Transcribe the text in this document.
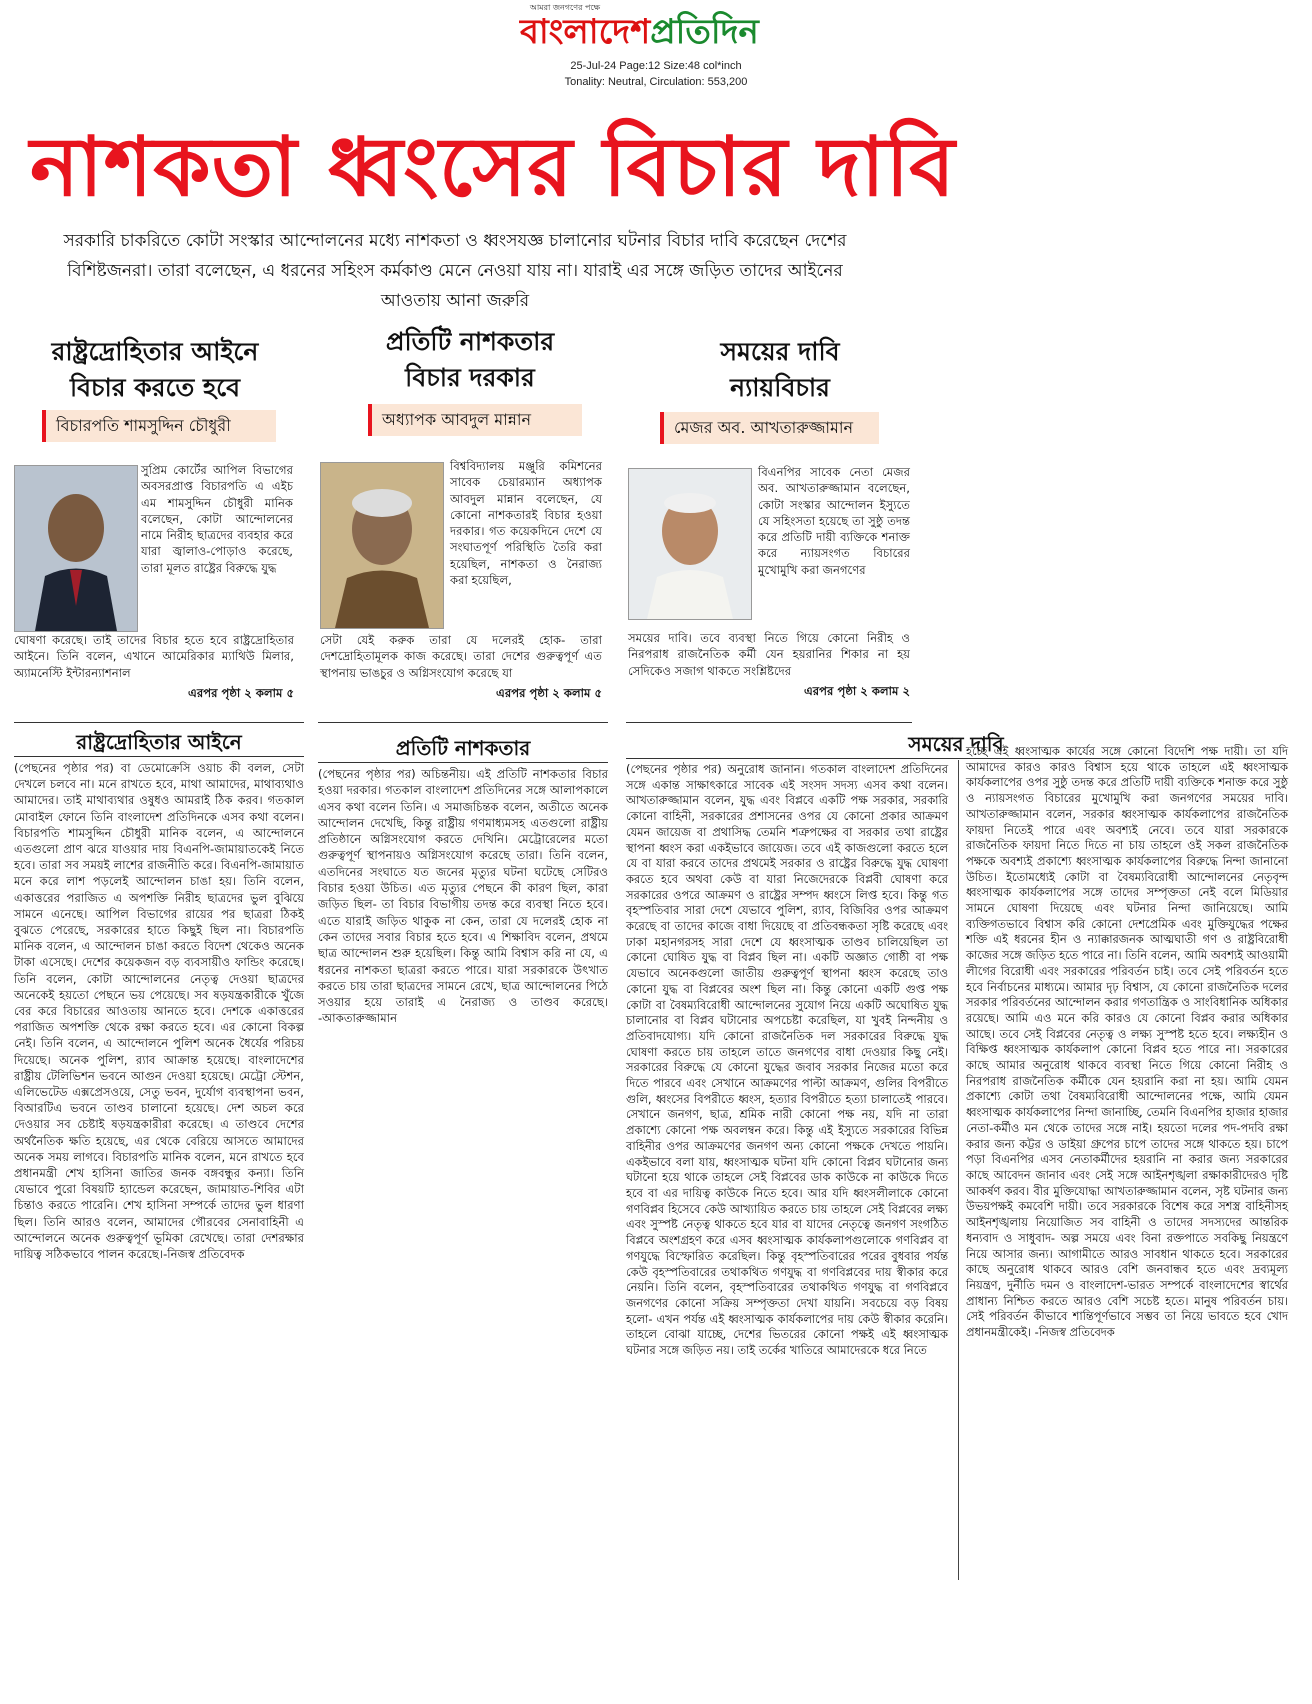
আমরা জনগণের পক্ষে
বাংলাদেশপ্রতিদিন
25-Jul-24 Page:12 Size:48 col*inch
Tonality: Neutral, Circulation: 553,200
নাশকতা ধ্বংসের বিচার দাবি
সরকারি চাকরিতে কোটা সংস্কার আন্দোলনের মধ্যে নাশকতা ও ধ্বংসযজ্ঞ চালানোর ঘটনার বিচার দাবি করেছেন দেশের বিশিষ্টজনরা। তারা বলেছেন, এ ধরনের সহিংস কর্মকাণ্ড মেনে নেওয়া যায় না। যারাই এর সঙ্গে জড়িত তাদের আইনের আওতায় আনা জরুরি
রাষ্ট্রদ্রোহিতার আইনে
বিচার করতে হবে
বিচারপতি শামসুদ্দিন চৌধুরী
সুপ্রিম কোর্টের আপিল বিভাগের অবসরপ্রাপ্ত বিচারপতি এ এইচ এম শামসুদ্দিন চৌধুরী মানিক বলেছেন, কোটা আন্দোলনের নামে নিরীহ ছাত্রদের ব্যবহার করে যারা জ্বালাও-পোড়াও করেছে, তারা মূলত রাষ্ট্রের বিরুদ্ধে যুদ্ধ
ঘোষণা করেছে। তাই তাদের বিচার হতে হবে রাষ্ট্রদ্রোহিতার আইনে। তিনি বলেন, এখানে আমেরিকার ম্যাথিউ মিলার, অ্যামনেস্টি ইন্টারন্যাশনাল
এরপর পৃষ্ঠা ২ কলাম ৫
প্রতিটি নাশকতার
বিচার দরকার
অধ্যাপক আবদুল মান্নান
বিশ্ববিদ্যালয় মঞ্জুরি কমিশনের সাবেক চেয়ারম্যান অধ্যাপক আবদুল মান্নান বলেছেন, যে কোনো নাশকতারই বিচার হওয়া দরকার। গত কয়েকদিনে দেশে যে সংঘাতপূর্ণ পরিস্থিতি তৈরি করা হয়েছিল, নাশকতা ও নৈরাজ্য করা হয়েছিল,
সেটা যেই করুক তারা যে দলেরই হোক- তারা দেশদ্রোহিতামূলক কাজ করেছে। তারা দেশের গুরুত্বপূর্ণ এত স্থাপনায় ভাঙচুর ও অগ্নিসংযোগ করেছে যা
এরপর পৃষ্ঠা ২ কলাম ৫
সময়ের দাবি
ন্যায়বিচার
মেজর অব. আখতারুজ্জামান
বিএনপির সাবেক নেতা মেজর অব. আখতারুজ্জামান বলেছেন, কোটা সংস্কার আন্দোলন ইস্যুতে যে সহিংসতা হয়েছে তা সুষ্ঠু তদন্ত করে প্রতিটি দায়ী ব্যক্তিকে শনাক্ত করে ন্যায়সংগত বিচারের মুখোমুখি করা জনগণের
সময়ের দাবি। তবে ব্যবস্থা নিতে গিয়ে কোনো নিরীহ ও নিরপরাধ রাজনৈতিক কর্মী যেন হয়রানির শিকার না হয় সেদিকেও সজাগ থাকতে সংশ্লিষ্টদের
এরপর পৃষ্ঠা ২ কলাম ২
রাষ্ট্রদ্রোহিতার আইনে
(পেছনের পৃষ্ঠার পর) বা ডেমোক্রেসি ওয়াচ কী বলল, সেটা দেখলে চলবে না। মনে রাখতে হবে, মাথা আমাদের, মাথাব্যথাও আমাদের। তাই মাথাব্যথার ওষুধও আমরাই ঠিক করব। গতকাল মোবাইল ফোনে তিনি বাংলাদেশ প্রতিদিনকে এসব কথা বলেন। বিচারপতি শামসুদ্দিন চৌধুরী মানিক বলেন, এ আন্দোলনে এতগুলো প্রাণ ঝরে যাওয়ার দায় বিএনপি-জামায়াতকেই নিতে হবে। তারা সব সময়ই লাশের রাজনীতি করে। বিএনপি-জামায়াত মনে করে লাশ পড়লেই আন্দোলন চাঙা হয়। তিনি বলেন, একাত্তরের পরাজিত এ অপশক্তি নিরীহ ছাত্রদের ভুল বুঝিয়ে সামনে এনেছে। আপিল বিভাগের রায়ের পর ছাত্ররা ঠিকই বুঝতে পেরেছে, সরকারের হাতে কিছুই ছিল না। বিচারপতি মানিক বলেন, এ আন্দোলন চাঙা করতে বিদেশ থেকেও অনেক টাকা এসেছে। দেশের কয়েকজন বড় ব্যবসায়ীও ফান্ডিং করেছে। তিনি বলেন, কোটা আন্দোলনের নেতৃত্ব দেওয়া ছাত্রদের অনেকেই হয়তো পেছনে ভয় পেয়েছে। সব ষড়যন্ত্রকারীকে খুঁজে বের করে বিচারের আওতায় আনতে হবে। দেশকে একাত্তরের পরাজিত অপশক্তি থেকে রক্ষা করতে হবে। এর কোনো বিকল্প নেই। তিনি বলেন, এ আন্দোলনে পুলিশ অনেক ধৈর্যের পরিচয় দিয়েছে। অনেক পুলিশ, র‌্যাব আক্রান্ত হয়েছে। বাংলাদেশের রাষ্ট্রীয় টেলিভিশন ভবনে আগুন দেওয়া হয়েছে। মেট্রো স্টেশন, এলিভেটেড এক্সপ্রেসওয়ে, সেতু ভবন, দুর্যোগ ব্যবস্থাপনা ভবন, বিআরটিএ ভবনে তাণ্ডব চালানো হয়েছে। দেশ অচল করে দেওয়ার সব চেষ্টাই ষড়যন্ত্রকারীরা করেছে। এ তাণ্ডবে দেশের অর্থনৈতিক ক্ষতি হয়েছে, এর থেকে বেরিয়ে আসতে আমাদের অনেক সময় লাগবে। বিচারপতি মানিক বলেন, মনে রাখতে হবে প্রধানমন্ত্রী শেখ হাসিনা জাতির জনক বঙ্গবন্ধুর কন্যা। তিনি যেভাবে পুরো বিষয়টি হ্যান্ডেল করেছেন, জামায়াত-শিবির এটা চিন্তাও করতে পারেনি। শেখ হাসিনা সম্পর্কে তাদের ভুল ধারণা ছিল। তিনি আরও বলেন, আমাদের গৌরবের সেনাবাহিনী এ আন্দোলনে অনেক গুরুত্বপূর্ণ ভূমিকা রেখেছে। তারা দেশরক্ষার দায়িত্ব সঠিকভাবে পালন করেছে।-নিজস্ব প্রতিবেদক
প্রতিটি নাশকতার
(পেছনের পৃষ্ঠার পর) অচিন্তনীয়। এই প্রতিটি নাশকতার বিচার হওয়া দরকার। গতকাল বাংলাদেশ প্রতিদিনের সঙ্গে আলাপকালে এসব কথা বলেন তিনি। এ সমাজচিন্তক বলেন, অতীতে অনেক আন্দোলন দেখেছি, কিন্তু রাষ্ট্রীয় গণমাধ্যমসহ এতগুলো রাষ্ট্রীয় প্রতিষ্ঠানে অগ্নিসংযোগ করতে দেখিনি। মেট্রোরেলের মতো গুরুত্বপূর্ণ স্থাপনায়ও অগ্নিসংযোগ করেছে তারা। তিনি বলেন, এতদিনের সংঘাতে যত জনের মৃত্যুর ঘটনা ঘটেছে সেটিরও বিচার হওয়া উচিত। এত মৃত্যুর পেছনে কী কারণ ছিল, কারা জড়িত ছিল- তা বিচার বিভাগীয় তদন্ত করে ব্যবস্থা নিতে হবে। এতে যারাই জড়িত থাকুক না কেন, তারা যে দলেরই হোক না কেন তাদের সবার বিচার হতে হবে। এ শিক্ষাবিদ বলেন, প্রথমে ছাত্র আন্দোলন শুরু হয়েছিল। কিন্তু আমি বিশ্বাস করি না যে, এ ধরনের নাশকতা ছাত্ররা করতে পারে। যারা সরকারকে উৎখাত করতে চায় তারা ছাত্রদের সামনে রেখে, ছাত্র আন্দোলনের পিঠে সওয়ার হয়ে তারাই এ নৈরাজ্য ও তাণ্ডব করেছে। -আকতারুজ্জামান
সময়ের দাবি
(পেছনের পৃষ্ঠার পর) অনুরোধ জানান। গতকাল বাংলাদেশ প্রতিদিনের সঙ্গে একান্ত সাক্ষাৎকারে সাবেক এই সংসদ সদস্য এসব কথা বলেন। আখতারুজ্জামান বলেন, যুদ্ধ এবং বিপ্লবে একটি পক্ষ সরকার, সরকারি কোনো বাহিনী, সরকারের প্রশাসনের ওপর যে কোনো প্রকার আক্রমণ যেমন জায়েজ বা প্রথাসিদ্ধ তেমনি শত্রুপক্ষের বা সরকার তথা রাষ্ট্রের স্থাপনা ধ্বংস করা একইভাবে জায়েজ। তবে এই কাজগুলো করতে হলে যে বা যারা করবে তাদের প্রথমেই সরকার ও রাষ্ট্রের বিরুদ্ধে যুদ্ধ ঘোষণা করতে হবে অথবা কেউ বা যারা নিজেদেরকে বিপ্লবী ঘোষণা করে সরকারের ওপরে আক্রমণ ও রাষ্ট্রের সম্পদ ধ্বংসে লিপ্ত হবে। কিন্তু গত বৃহস্পতিবার সারা দেশে যেভাবে পুলিশ, র‌্যাব, বিজিবির ওপর আক্রমণ করেছে বা তাদের কাজে বাধা দিয়েছে বা প্রতিবন্ধকতা সৃষ্টি করেছে এবং ঢাকা মহানগরসহ সারা দেশে যে ধ্বংসাত্মক তাণ্ডব চালিয়েছিল তা কোনো ঘোষিত যুদ্ধ বা বিপ্লব ছিল না। একটি অজ্ঞাত গোষ্ঠী বা পক্ষ যেভাবে অনেকগুলো জাতীয় গুরুত্বপূর্ণ স্থাপনা ধ্বংস করেছে তাও কোনো যুদ্ধ বা বিপ্লবের অংশ ছিল না। কিন্তু কোনো একটি গুপ্ত পক্ষ কোটা বা বৈষম্যবিরোধী আন্দোলনের সুযোগ নিয়ে একটি অঘোষিত যুদ্ধ চালানোর বা বিপ্লব ঘটানোর অপচেষ্টা করেছিল, যা খুবই নিন্দনীয় ও প্রতিবাদযোগ্য। যদি কোনো রাজনৈতিক দল সরকারের বিরুদ্ধে যুদ্ধ ঘোষণা করতে চায় তাহলে তাতে জনগণের বাধা দেওয়ার কিছু নেই। সরকারের বিরুদ্ধে যে কোনো যুদ্ধের জবাব সরকার নিজের মতো করে দিতে পারবে এবং সেখানে আক্রমণের পাল্টা আক্রমণ, গুলির বিপরীতে গুলি, ধ্বংসের বিপরীতে ধ্বংস, হত্যার বিপরীতে হত্যা চালাতেই পারবে। সেখানে জনগণ, ছাত্র, শ্রমিক নারী কোনো পক্ষ নয়, যদি না তারা প্রকাশ্যে কোনো পক্ষ অবলম্বন করে। কিন্তু এই ইস্যুতে সরকারের বিভিন্ন বাহিনীর ওপর আক্রমণের জনগণ অন্য কোনো পক্ষকে দেখতে পায়নি। একইভাবে বলা যায়, ধ্বংসাত্মক ঘটনা যদি কোনো বিপ্লব ঘটানোর জন্য ঘটানো হয়ে থাকে তাহলে সেই বিপ্লবের ডাক কাউকে না কাউকে দিতে হবে বা এর দায়িত্ব কাউকে নিতে হবে। আর যদি ধ্বংসলীলাকে কোনো গণবিপ্লব হিসেবে কেউ আখ্যায়িত করতে চায় তাহলে সেই বিপ্লবের লক্ষ্য এবং সুস্পষ্ট নেতৃত্ব থাকতে হবে যার বা যাদের নেতৃত্বে জনগণ সংগঠিত বিপ্লবে অংশগ্রহণ করে এসব ধ্বংসাত্মক কার্যকলাপগুলোকে গণবিপ্লব বা গণযুদ্ধে বিস্ফোরিত করেছিল। কিন্তু বৃহস্পতিবারের পরের বুধবার পর্যন্ত কেউ বৃহস্পতিবারের তথাকথিত গণযুদ্ধ বা গণবিপ্লবের দায় স্বীকার করে নেয়নি। তিনি বলেন, বৃহস্পতিবারের তথাকথিত গণযুদ্ধ বা গণবিপ্লবে জনগণের কোনো সক্রিয় সম্পৃক্ততা দেখা যায়নি। সবচেয়ে বড় বিষয় হলো- এখন পর্যন্ত এই ধ্বংসাত্মক কার্যকলাপের দায় কেউ স্বীকার করেনি। তাহলে বোঝা যাচ্ছে, দেশের ভিতরের কোনো পক্ষই এই ধ্বংসাত্মক ঘটনার সঙ্গে জড়িত নয়। তাই তর্কের খাতিরে আমাদেরকে ধরে নিতে
হচ্ছে এই ধ্বংসাত্মক কার্যের সঙ্গে কোনো বিদেশি পক্ষ দায়ী। তা যদি আমাদের কারও কারও বিশ্বাস হয়ে থাকে তাহলে এই ধ্বংসাত্মক কার্যকলাপের ওপর সুষ্ঠু তদন্ত করে প্রতিটি দায়ী ব্যক্তিকে শনাক্ত করে সুষ্ঠু ও ন্যায়সংগত বিচারের মুখোমুখি করা জনগণের সময়ের দাবি। আখতারুজ্জামান বলেন, সরকার ধ্বংসাত্মক কার্যকলাপের রাজনৈতিক ফায়দা নিতেই পারে এবং অবশ্যই নেবে। তবে যারা সরকারকে রাজনৈতিক ফায়দা নিতে দিতে না চায় তাহলে ওই সকল রাজনৈতিক পক্ষকে অবশ্যই প্রকাশ্যে ধ্বংসাত্মক কার্যকলাপের বিরুদ্ধে নিন্দা জানানো উচিত। ইতোমধ্যেই কোটা বা বৈষম্যবিরোধী আন্দোলনের নেতৃবৃন্দ ধ্বংসাত্মক কার্যকলাপের সঙ্গে তাদের সম্পৃক্ততা নেই বলে মিডিয়ার সামনে ঘোষণা দিয়েছে এবং ঘটনার নিন্দা জানিয়েছে। আমি ব্যক্তিগতভাবে বিশ্বাস করি কোনো দেশপ্রেমিক এবং মুক্তিযুদ্ধের পক্ষের শক্তি এই ধরনের হীন ও ন্যাক্কারজনক আত্মঘাতী গণ ও রাষ্ট্রবিরোধী কাজের সঙ্গে জড়িত হতে পারে না। তিনি বলেন, আমি অবশ্যই আওয়ামী লীগের বিরোধী এবং সরকারের পরিবর্তন চাই। তবে সেই পরিবর্তন হতে হবে নির্বাচনের মাধ্যমে। আমার দৃঢ় বিশ্বাস, যে কোনো রাজনৈতিক দলের সরকার পরিবর্তনের আন্দোলন করার গণতান্ত্রিক ও সাংবিধানিক অধিকার রয়েছে। আমি এও মনে করি কারও যে কোনো বিপ্লব করার অধিকার আছে। তবে সেই বিপ্লবের নেতৃত্ব ও লক্ষ্য সুস্পষ্ট হতে হবে। লক্ষ্যহীন ও বিক্ষিপ্ত ধ্বংসাত্মক কার্যকলাপ কোনো বিপ্লব হতে পারে না। সরকারের কাছে আমার অনুরোধ থাকবে ব্যবস্থা নিতে গিয়ে কোনো নিরীহ ও নিরপরাধ রাজনৈতিক কর্মীকে যেন হয়রানি করা না হয়। আমি যেমন প্রকাশ্যে কোটা তথা বৈষম্যবিরোধী আন্দোলনের পক্ষে, আমি যেমন ধ্বংসাত্মক কার্যকলাপের নিন্দা জানাচ্ছি, তেমনি বিএনপির হাজার হাজার নেতা-কর্মীও মন থেকে তাদের সঙ্গে নাই। হয়তো দলের পদ-পদবি রক্ষা করার জন্য কট্টর ও ডাইয়া গ্রুপের চাপে তাদের সঙ্গে থাকতে হয়। চাপে পড়া বিএনপির এসব নেতাকর্মীদের হয়রানি না করার জন্য সরকারের কাছে আবেদন জানাব এবং সেই সঙ্গে আইনশৃঙ্খলা রক্ষাকারীদেরও দৃষ্টি আকর্ষণ করব। বীর মুক্তিযোদ্ধা আখতারুজ্জামান বলেন, সৃষ্ট ঘটনার জন্য উভয়পক্ষই কমবেশি দায়ী। তবে সরকারকে বিশেষ করে সশস্ত্র বাহিনীসহ আইনশৃঙ্খলায় নিয়োজিত সব বাহিনী ও তাদের সদস্যদের আন্তরিক ধন্যবাদ ও সাধুবাদ- অল্প সময়ে এবং বিনা রক্তপাতে সবকিছু নিয়ন্ত্রণে নিয়ে আসার জন্য। আগামীতে আরও সাবধান থাকতে হবে। সরকারের কাছে অনুরোধ থাকবে আরও বেশি জনবান্ধব হতে এবং দ্রব্যমূল্য নিয়ন্ত্রণ, দুর্নীতি দমন ও বাংলাদেশ-ভারত সম্পর্কে বাংলাদেশের স্বার্থের প্রাধান্য নিশ্চিত করতে আরও বেশি সচেষ্ট হতে। মানুষ পরিবর্তন চায়। সেই পরিবর্তন কীভাবে শান্তিপূর্ণভাবে সম্ভব তা নিয়ে ভাবতে হবে খোদ প্রধানমন্ত্রীকেই। -নিজস্ব প্রতিবেদক
